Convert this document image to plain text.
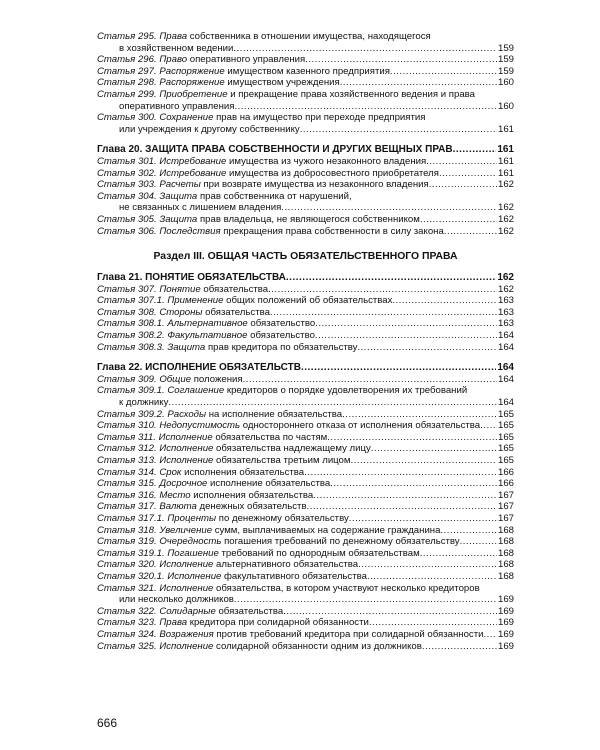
Статья 295. Права собственника в отношении имущества, находящегося
в хозяйственном ведении .....	159
Статья 296. Право оперативного управления .....	159
Статья 297. Распоряжение имуществом казенного предприятия .....	159
Статья 298. Распоряжение имуществом учреждения .....	160
Статья 299. Приобретение и прекращение права хозяйственного ведения и права
оперативного управления .....	160
Статья 300. Сохранение прав на имущество при переходе предприятия
или учреждения к другому собственнику .....	161
Глава 20. ЗАЩИТА ПРАВА СОБСТВЕННОСТИ И ДРУГИХ ВЕЩНЫХ ПРАВ .....	161
Статья 301. Истребование имущества из чужого незаконного владения .....	161
Статья 302. Истребование имущества из добросовестного приобретателя .....	161
Статья 303. Расчеты при возврате имущества из незаконного владения .....	162
Статья 304. Защита прав собственника от нарушений,
не связанных с лишением владения .....	162
Статья 305. Защита прав владельца, не являющегося собственником .....	162
Статья 306. Последствия прекращения права собственности в силу закона .....	162
Раздел III. ОБЩАЯ ЧАСТЬ ОБЯЗАТЕЛЬСТВЕННОГО ПРАВА
Глава 21. ПОНЯТИЕ ОБЯЗАТЕЛЬСТВА .....	162
Статья 307. Понятие обязательства .....	162
Статья 307.1. Применение общих положений об обязательствах .....	163
Статья 308. Стороны обязательства .....	163
Статья 308.1. Альтернативное обязательство .....	163
Статья 308.2. Факультативное обязательство .....	164
Статья 308.3. Защита прав кредитора по обязательству .....	164
Глава 22. ИСПОЛНЕНИЕ ОБЯЗАТЕЛЬСТВ .....	164
Статья 309. Общие положения .....	164
Статья 309.1. Соглашение кредиторов о порядке удовлетворения их требований
к должнику .....	164
Статья 309.2. Расходы на исполнение обязательства .....	165
Статья 310. Недопустимость одностороннего отказа от исполнения обязательства ..... 165
Статья 311. Исполнение обязательства по частям .....	165
Статья 312. Исполнение обязательства надлежащему лицу .....	165
Статья 313. Исполнение обязательства третьим лицом .....	165
Статья 314. Срок исполнения обязательства .....	166
Статья 315. Досрочное исполнение обязательства .....	166
Статья 316. Место исполнения обязательства .....	167
Статья 317. Валюта денежных обязательств .....	167
Статья 317.1. Проценты по денежному обязательству .....	167
Статья 318. Увеличение сумм, выплачиваемых на содержание гражданина .....	168
Статья 319. Очередность погашения требований по денежному обязательству .....	168
Статья 319.1. Погашение требований по однородным обязательствам .....	168
Статья 320. Исполнение альтернативного обязательства .....	168
Статья 320.1. Исполнение факультативного обязательства .....	168
Статья 321. Исполнение обязательства, в котором участвуют несколько кредиторов
или несколько должников .....	169
Статья 322. Солидарные обязательства .....	169
Статья 323. Права кредитора при солидарной обязанности .....	169
Статья 324. Возражения против требований кредитора при солидарной обязанности ..... 169
Статья 325. Исполнение солидарной обязанности одним из должников .....	169
666
